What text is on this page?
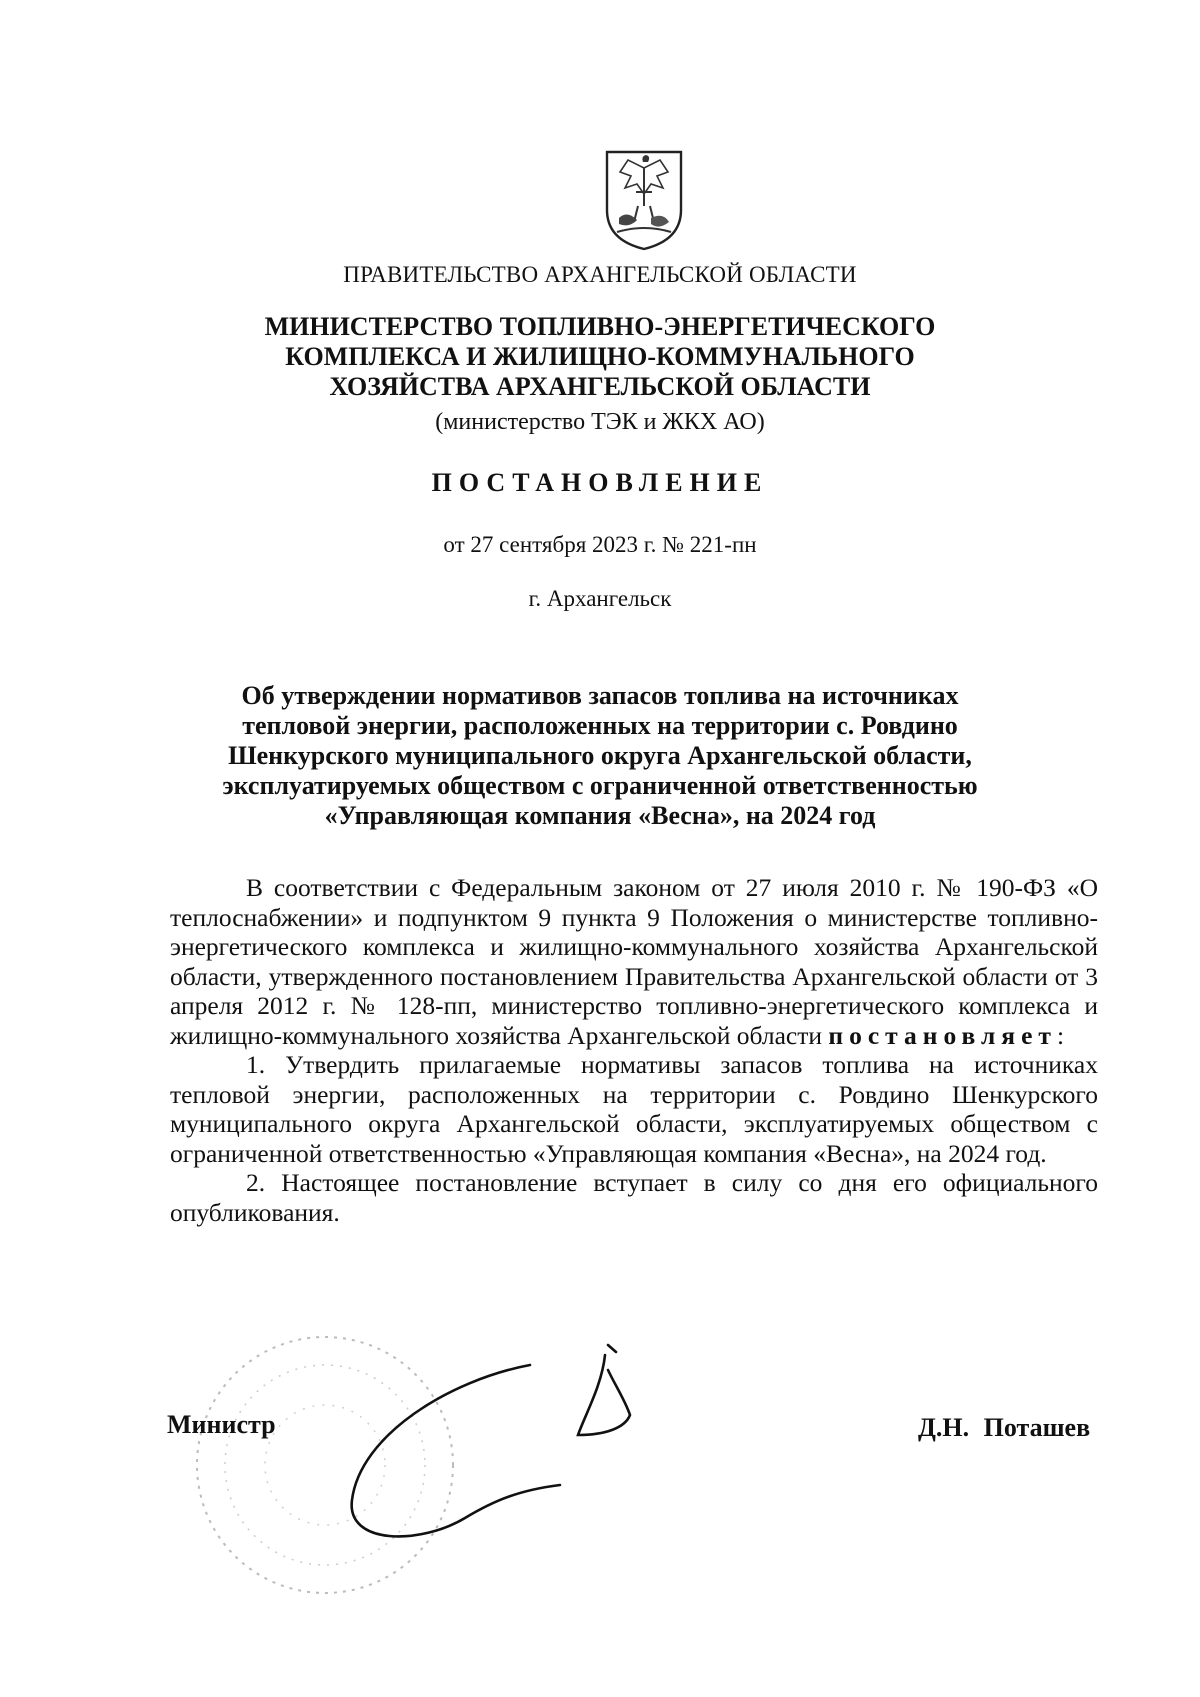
ПРАВИТЕЛЬСТВО АРХАНГЕЛЬСКОЙ ОБЛАСТИ
МИНИСТЕРСТВО ТОПЛИВНО-ЭНЕРГЕТИЧЕСКОГО
КОМПЛЕКСА И ЖИЛИЩНО-КОММУНАЛЬНОГО
ХОЗЯЙСТВА АРХАНГЕЛЬСКОЙ ОБЛАСТИ
(министерство ТЭК и ЖКХ АО)
ПОСТАНОВЛЕНИЕ
от 27 сентября 2023 г. № 221-пн
г. Архангельск
Об утверждении нормативов запасов топлива на источниках
тепловой энергии, расположенных на территории с. Ровдино
Шенкурского муниципального округа Архангельской области,
эксплуатируемых обществом с ограниченной ответственностью
«Управляющая компания «Весна», на 2024 год

В соответствии с Федеральным законом от 27 июля 2010 г. № 190-ФЗ «О теплоснабжении» и подпунктом 9 пункта 9 Положения о министерстве топливно-энергетического комплекса и жилищно-коммунального хозяйства Архангельской области, утвержденного постановлением Правительства Архангельской области от 3 апреля 2012 г. № 128-пп, министерство топливно-энергетического комплекса и жилищно-коммунального хозяйства Архангельской области постановляет:

1. Утвердить прилагаемые нормативы запасов топлива на источниках тепловой энергии, расположенных на территории с. Ровдино Шенкурского муниципального округа Архангельской области, эксплуатируемых обществом с ограниченной ответственностью «Управляющая компания «Весна», на 2024 год.

2. Настоящее постановление вступает в силу со дня его официального опубликования.

Министр	Д.Н. Поташев
